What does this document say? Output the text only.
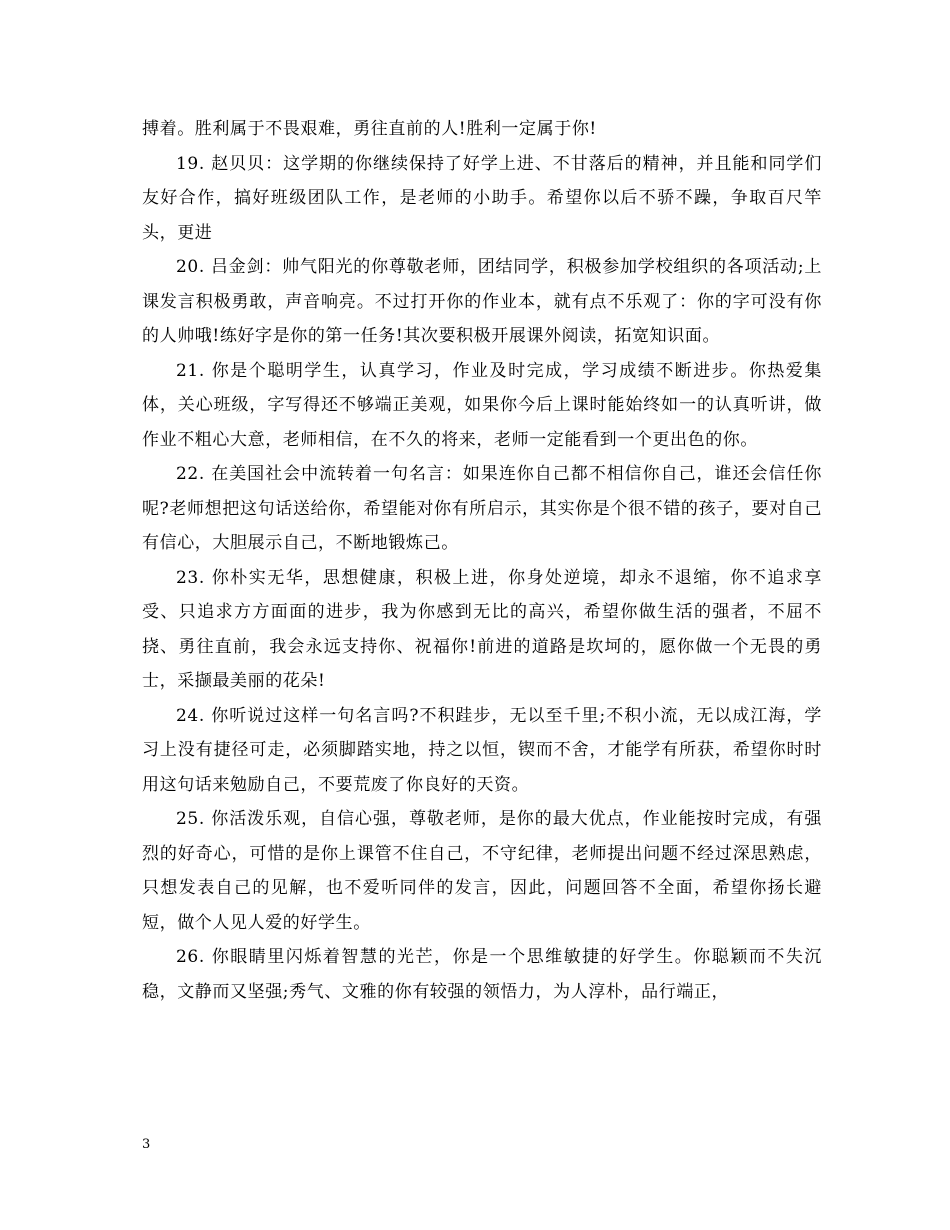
搏着。胜利属于不畏艰难，勇往直前的人!胜利一定属于你!

19. 赵贝贝：这学期的你继续保持了好学上进、不甘落后的精神，并且能和同学们友好合作，搞好班级团队工作，是老师的小助手。希望你以后不骄不躁，争取百尺竿头，更进

20. 吕金剑：帅气阳光的你尊敬老师，团结同学，积极参加学校组织的各项活动;上课发言积极勇敢，声音响亮。不过打开你的作业本，就有点不乐观了：你的字可没有你的人帅哦!练好字是你的第一任务!其次要积极开展课外阅读，拓宽知识面。

21. 你是个聪明学生，认真学习，作业及时完成，学习成绩不断进步。你热爱集体，关心班级，字写得还不够端正美观，如果你今后上课时能始终如一的认真听讲，做作业不粗心大意，老师相信，在不久的将来，老师一定能看到一个更出色的你。

22. 在美国社会中流转着一句名言：如果连你自己都不相信你自己，谁还会信任你呢?老师想把这句话送给你，希望能对你有所启示，其实你是个很不错的孩子，要对自己有信心，大胆展示自己，不断地锻炼己。

23. 你朴实无华，思想健康，积极上进，你身处逆境，却永不退缩，你不追求享受、只追求方方面面的进步，我为你感到无比的高兴，希望你做生活的强者，不屈不挠、勇往直前，我会永远支持你、祝福你!前进的道路是坎坷的，愿你做一个无畏的勇士，采撷最美丽的花朵!

24. 你听说过这样一句名言吗?不积跬步，无以至千里;不积小流，无以成江海，学习上没有捷径可走，必须脚踏实地，持之以恒，锲而不舍，才能学有所获，希望你时时用这句话来勉励自己，不要荒废了你良好的天资。

25. 你活泼乐观，自信心强，尊敬老师，是你的最大优点，作业能按时完成，有强烈的好奇心，可惜的是你上课管不住自己，不守纪律，老师提出问题不经过深思熟虑，只想发表自己的见解，也不爱听同伴的发言，因此，问题回答不全面，希望你扬长避短，做个人见人爱的好学生。

26. 你眼睛里闪烁着智慧的光芒，你是一个思维敏捷的好学生。你聪颖而不失沉稳，文静而又坚强;秀气、文雅的你有较强的领悟力，为人淳朴，品行端正，

3
